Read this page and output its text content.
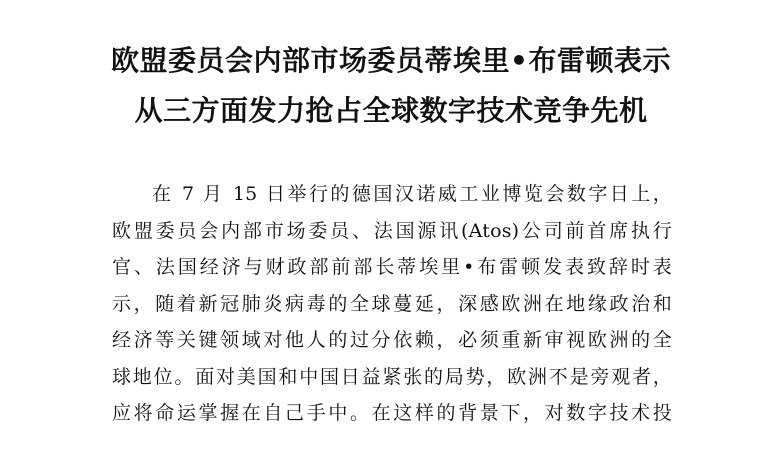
欧盟委员会内部市场委员蒂埃里•布雷顿表示
从三方面发力抢占全球数字技术竞争先机
在 7 月 15 日举行的德国汉诺威工业博览会数字日上，
欧盟委员会内部市场委员、法国源讯(Atos)公司前首席执行
官、法国经济与财政部前部长蒂埃里•布雷顿发表致辞时表
示，随着新冠肺炎病毒的全球蔓延，深感欧洲在地缘政治和
经济等关键领域对他人的过分依赖，必须重新审视欧洲的全
球地位。面对美国和中国日益紧张的局势，欧洲不是旁观者，
应将命运掌握在自己手中。在这样的背景下，对数字技术投
